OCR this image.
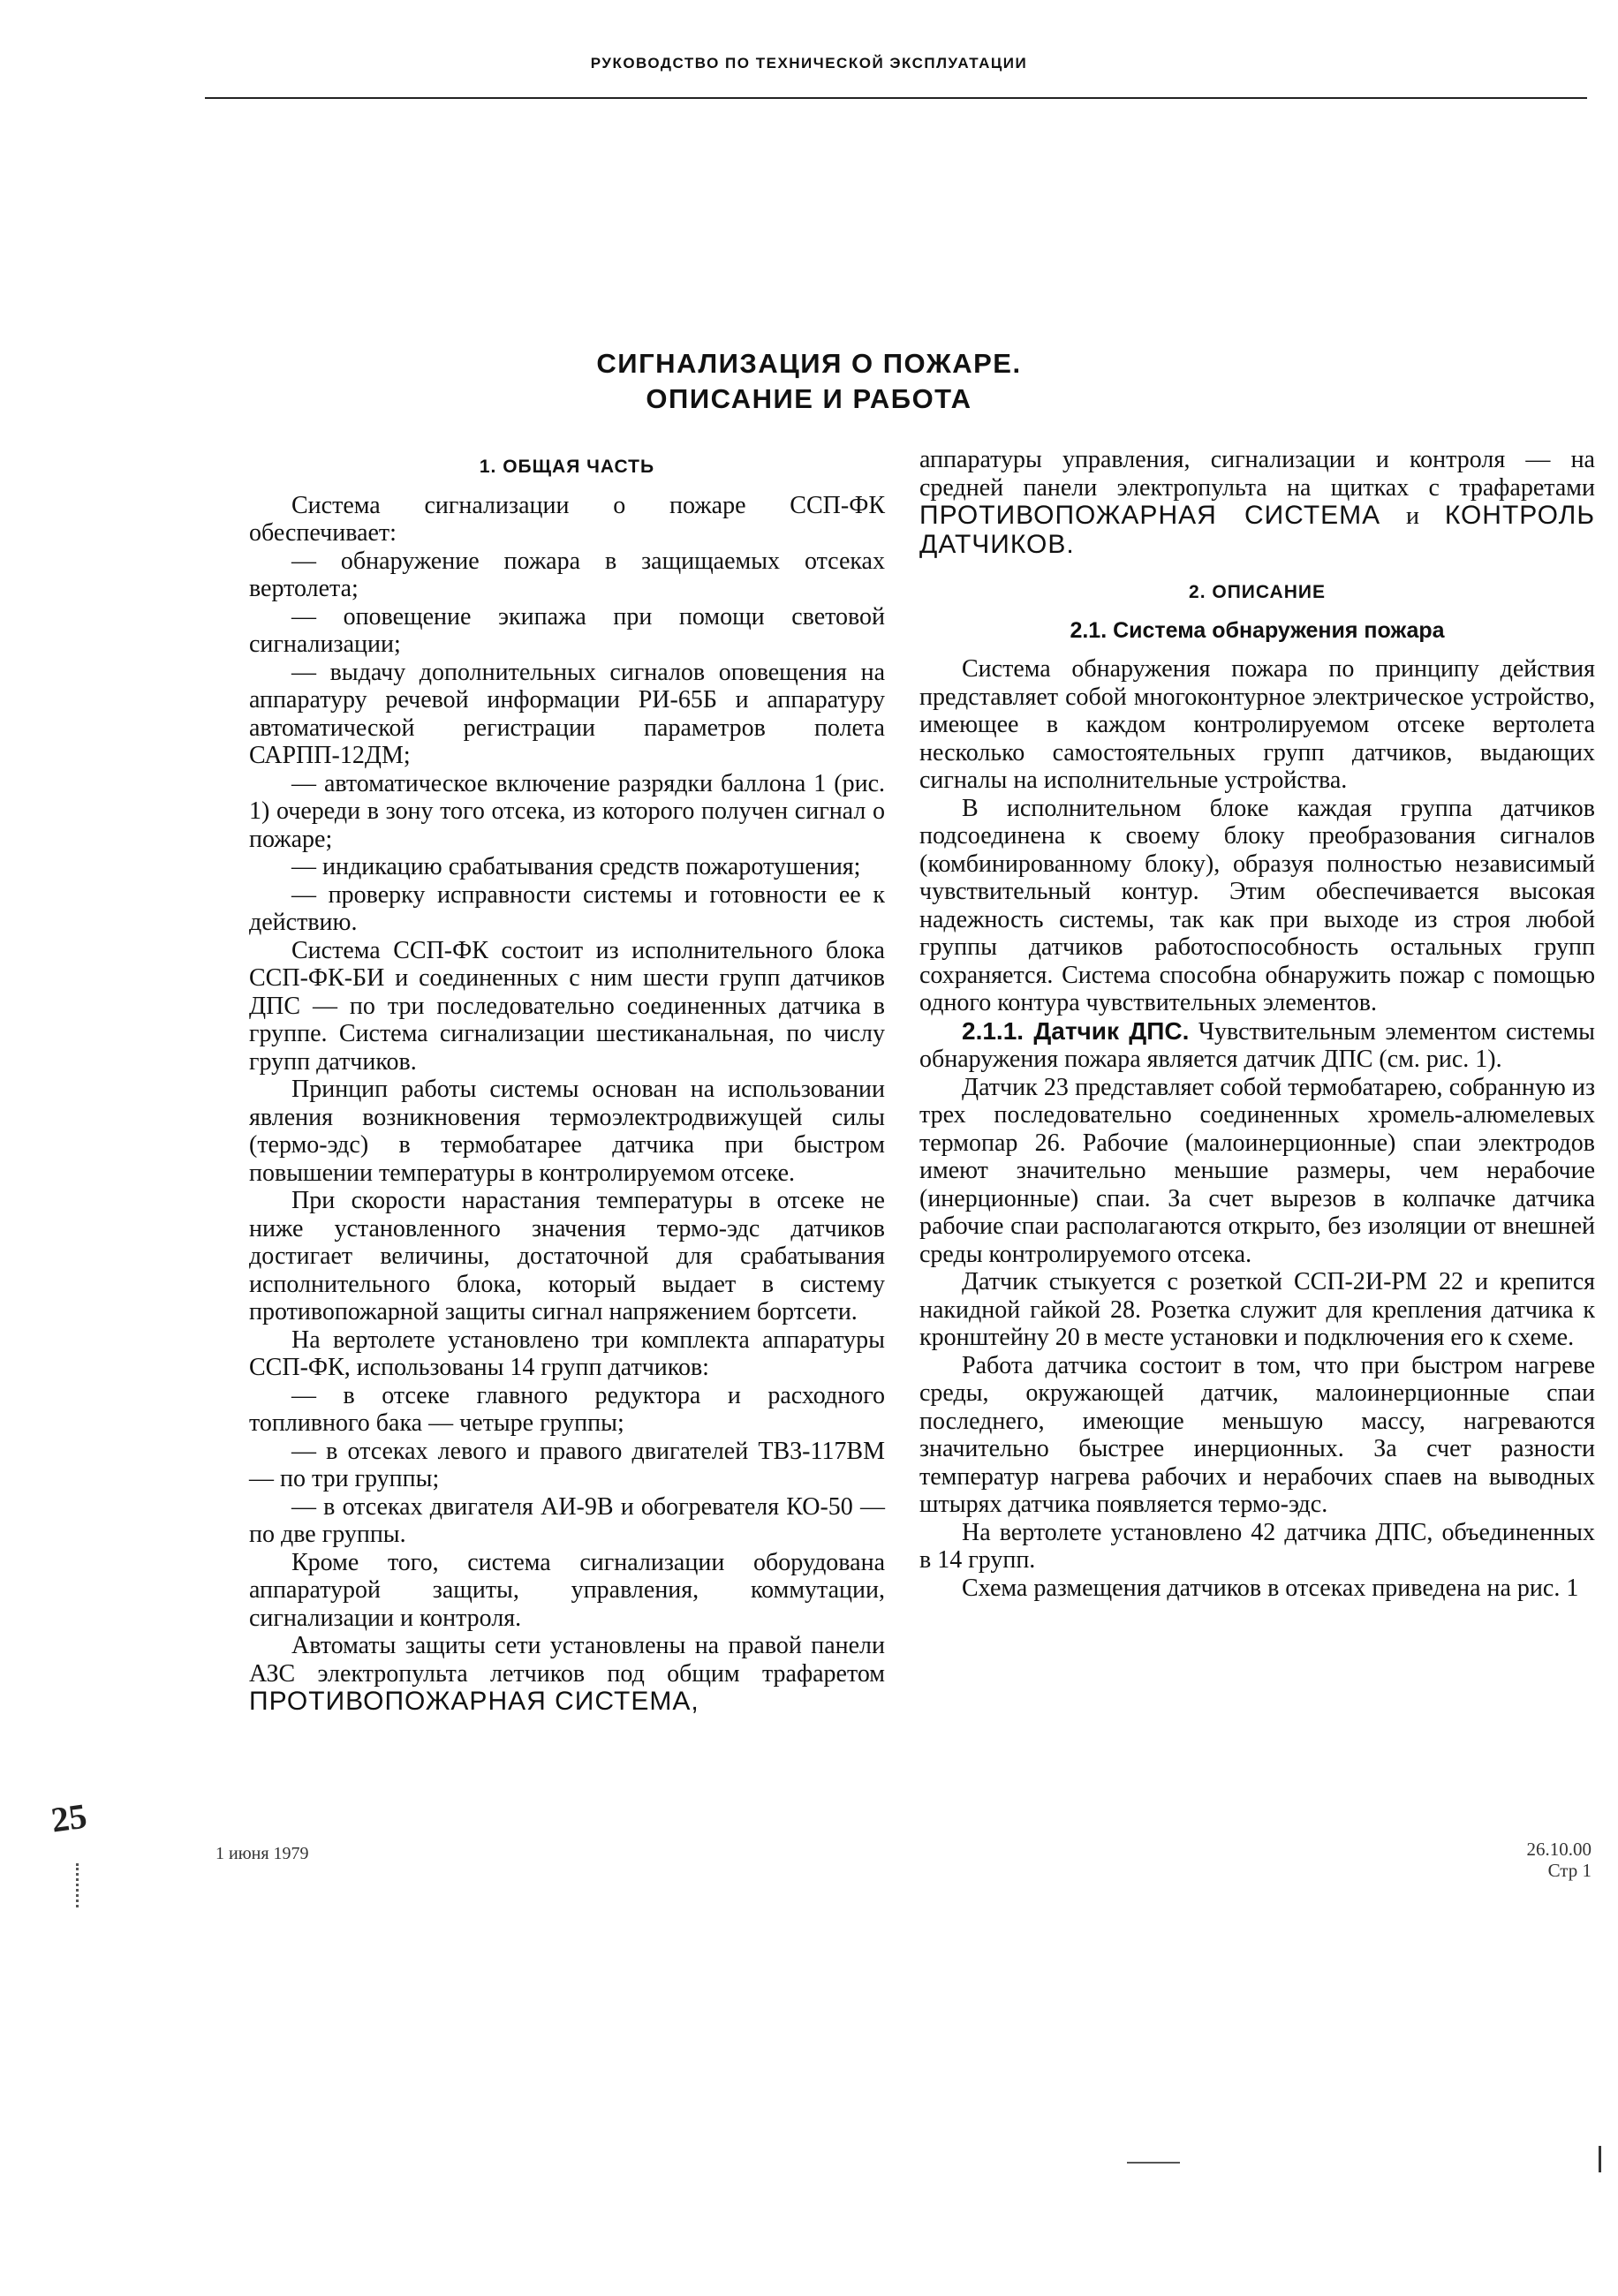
РУКОВОДСТВО ПО ТЕХНИЧЕСКОЙ ЭКСПЛУАТАЦИИ
СИГНАЛИЗАЦИЯ О ПОЖАРЕ.
ОПИСАНИЕ И РАБОТА
1. ОБЩАЯ ЧАСТЬ

Система сигнализации о пожаре ССП-ФК обеспечивает:

— обнаружение пожара в защищаемых отсеках вертолета;

— оповещение экипажа при помощи световой сигнализации;

— выдачу дополнительных сигналов оповещения на аппаратуру речевой информации РИ-65Б и аппаратуру автоматической регистрации параметров полета САРПП-12ДМ;

— автоматическое включение разрядки баллона 1 (рис. 1) очереди в зону того отсека, из которого получен сигнал о пожаре;

— индикацию срабатывания средств пожаротушения;

— проверку исправности системы и готовности ее к действию.

Система ССП-ФК состоит из исполнительного блока ССП-ФК-БИ и соединенных с ним шести групп датчиков ДПС — по три последовательно соединенных датчика в группе. Система сигнализации шестиканальная, по числу групп датчиков.

Принцип работы системы основан на использовании явления возникновения термоэлектродвижущей силы (термо-эдс) в термобатарее датчика при быстром повышении температуры в контролируемом отсеке.

При скорости нарастания температуры в отсеке не ниже установленного значения термо-эдс датчиков достигает величины, достаточной для срабатывания исполнительного блока, который выдает в систему противопожарной защиты сигнал напряжением бортсети.

На вертолете установлено три комплекта аппаратуры ССП-ФК, использованы 14 групп датчиков:

— в отсеке главного редуктора и расходного топливного бака — четыре группы;

— в отсеках левого и правого двигателей ТВ3-117ВМ — по три группы;

— в отсеках двигателя АИ-9В и обогревателя КО-50 — по две группы.

Кроме того, система сигнализации оборудована аппаратурой защиты, управления, коммутации, сигнализации и контроля.

Автоматы защиты сети установлены на правой панели АЗС электропульта летчиков под общим трафаретом ПРОТИВОПОЖАРНАЯ СИСТЕМА,

аппаратуры управления, сигнализации и контроля — на средней панели электропульта на щитках с трафаретами ПРОТИВОПОЖАРНАЯ СИСТЕМА и КОНТРОЛЬ ДАТЧИКОВ.

2. ОПИСАНИЕ
2.1. Система обнаружения пожара

Система обнаружения пожара по принципу действия представляет собой многоконтурное электрическое устройство, имеющее в каждом контролируемом отсеке вертолета несколько самостоятельных групп датчиков, выдающих сигналы на исполнительные устройства.

В исполнительном блоке каждая группа датчиков подсоединена к своему блоку преобразования сигналов (комбинированному блоку), образуя полностью независимый чувствительный контур. Этим обеспечивается высокая надежность системы, так как при выходе из строя любой группы датчиков работоспособность остальных групп сохраняется. Система способна обнаружить пожар с помощью одного контура чувствительных элементов.

2.1.1. Датчик ДПС. Чувствительным элементом системы обнаружения пожара является датчик ДПС (см. рис. 1).

Датчик 23 представляет собой термобатарею, собранную из трех последовательно соединенных хромель-алюмелевых термопар 26. Рабочие (малоинерционные) спаи электродов имеют значительно меньшие размеры, чем нерабочие (инерционные) спаи. За счет вырезов в колпачке датчика рабочие спаи располагаются открыто, без изоляции от внешней среды контролируемого отсека.

Датчик стыкуется с розеткой ССП-2И-РМ 22 и крепится накидной гайкой 28. Розетка служит для крепления датчика к кронштейну 20 в месте установки и подключения его к схеме.

Работа датчика состоит в том, что при быстром нагреве среды, окружающей датчик, малоинерционные спаи последнего, имеющие меньшую массу, нагреваются значительно быстрее инерционных. За счет разности температур нагрева рабочих и нерабочих спаев на выводных штырях датчика появляется термо-эдс.

На вертолете установлено 42 датчика ДПС, объединенных в 14 групп.

Схема размещения датчиков в отсеках приведена на рис. 1

25
1 июня 1979	26.10.00
Стр 1
